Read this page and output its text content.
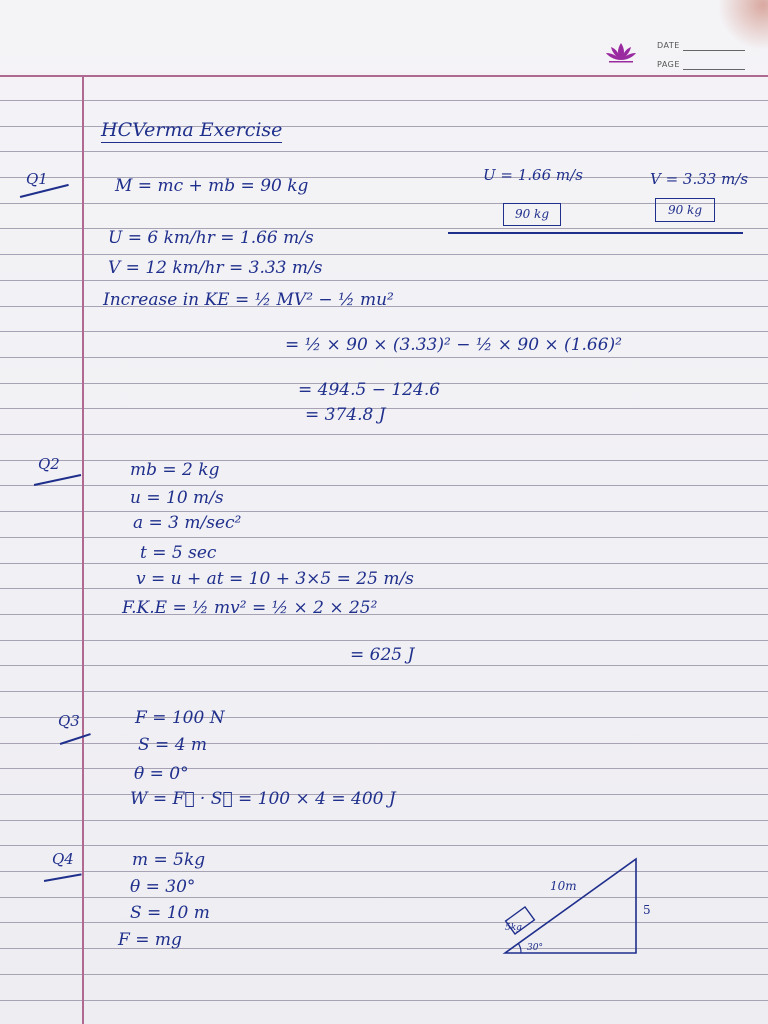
DATE
PAGE
HCVerma Exercise
Q1	M = mc + mb = 90 kg
U = 1.66 m/s	V = 3.33 m/s
90 kg	90 kg
U = 6 km/hr = 1.66 m/s
V = 12 km/hr = 3.33 m/s
Increase in KE = ½ MV² − ½ mu²
= ½ × 90 × (3.33)² − ½ × 90 × (1.66)²
= 494.5 − 124.6
= 374.8 J
Q2	mb = 2 kg
u = 10 m/s
a = 3 m/sec²
t = 5 sec
v = u + at = 10 + 3×5 = 25 m/s
F.K.E = ½ mv² = ½ × 2 × 25²
= 625 J
Q3	F = 100 N
S = 4 m
θ = 0°
W = F⃗ · S⃗ = 100 × 4 = 400 J
Q4	m = 5kg
θ = 30°
S = 10 m
F = mg
10m
5
5kg
30°
